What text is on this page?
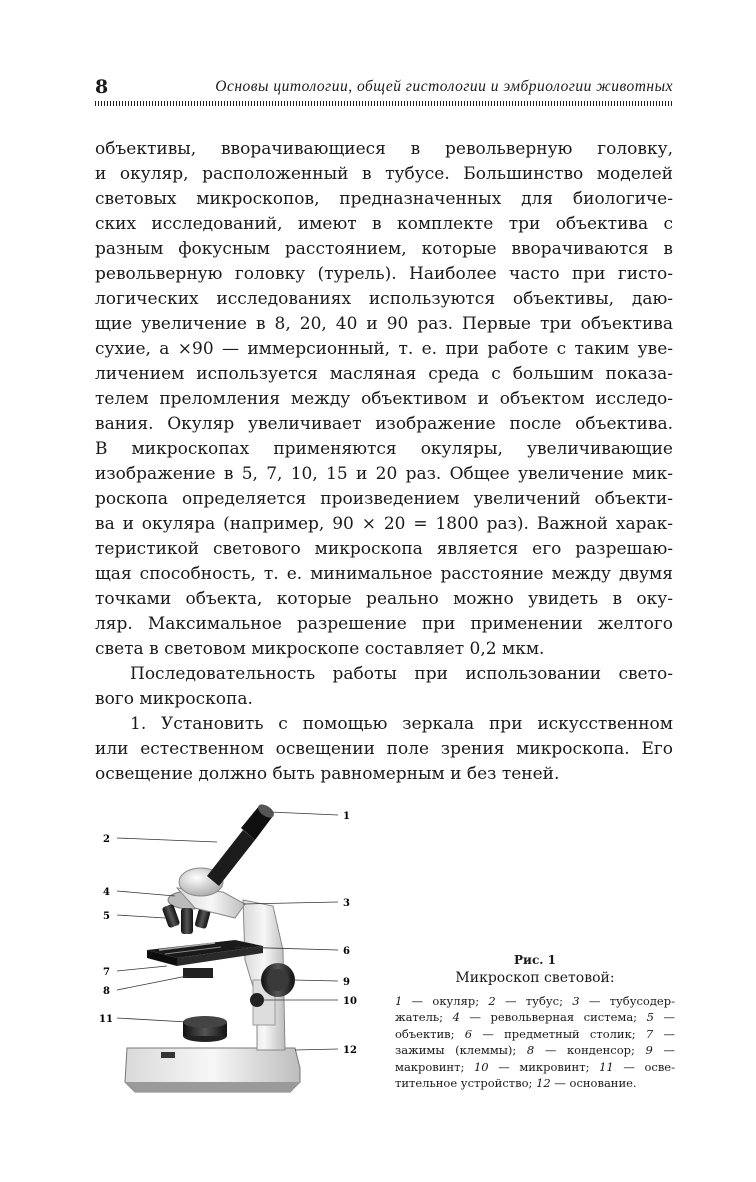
8	Основы цитологии, общей гистологии и эмбриологии животных
объективы, вворачивающиеся в револьверную головку,
и окуляр, расположенный в тубусе. Большинство моделей
световых микроскопов, предназначенных для биологиче-
ских исследований, имеют в комплекте три объектива с
разным фокусным расстоянием, которые вворачиваются в
револьверную головку (турель). Наиболее часто при гисто-
логических исследованиях используются объективы, даю-
щие увеличение в 8, 20, 40 и 90 раз. Первые три объектива
сухие, а ×90 — иммерсионный, т. е. при работе с таким уве-
личением используется масляная среда с большим показа-
телем преломления между объективом и объектом исследо-
вания. Окуляр увеличивает изображение после объектива.
В микроскопах применяются окуляры, увеличивающие
изображение в 5, 7, 10, 15 и 20 раз. Общее увеличение мик-
роскопа определяется произведением увеличений объекти-
ва и окуляра (например, 90 × 20 = 1800 раз). Важной харак-
теристикой светового микроскопа является его разрешаю-
щая способность, т. е. минимальное расстояние между двумя
точками объекта, которые реально можно увидеть в оку-
ляр. Максимальное разрешение при применении желтого
света в световом микроскопе составляет 0,2 мкм.
Последовательность работы при использовании свето-
вого микроскопа.
1. Установить с помощью зеркала при искусственном
или естественном освещении поле зрения микроскопа. Его
освещение должно быть равномерным и без теней.
1
2
3
4
5
6
7
8
9
10
11
12
Рис. 1
Микроскоп световой:
1 — окуляр; 2 — тубус; 3 — тубусодер-
жатель; 4 — револьверная система; 5 —
объектив; 6 — предметный столик; 7 —
зажимы (клеммы); 8 — конденсор; 9 —
макровинт; 10 — микровинт; 11 — осве-
тительное устройство; 12 — основание.
